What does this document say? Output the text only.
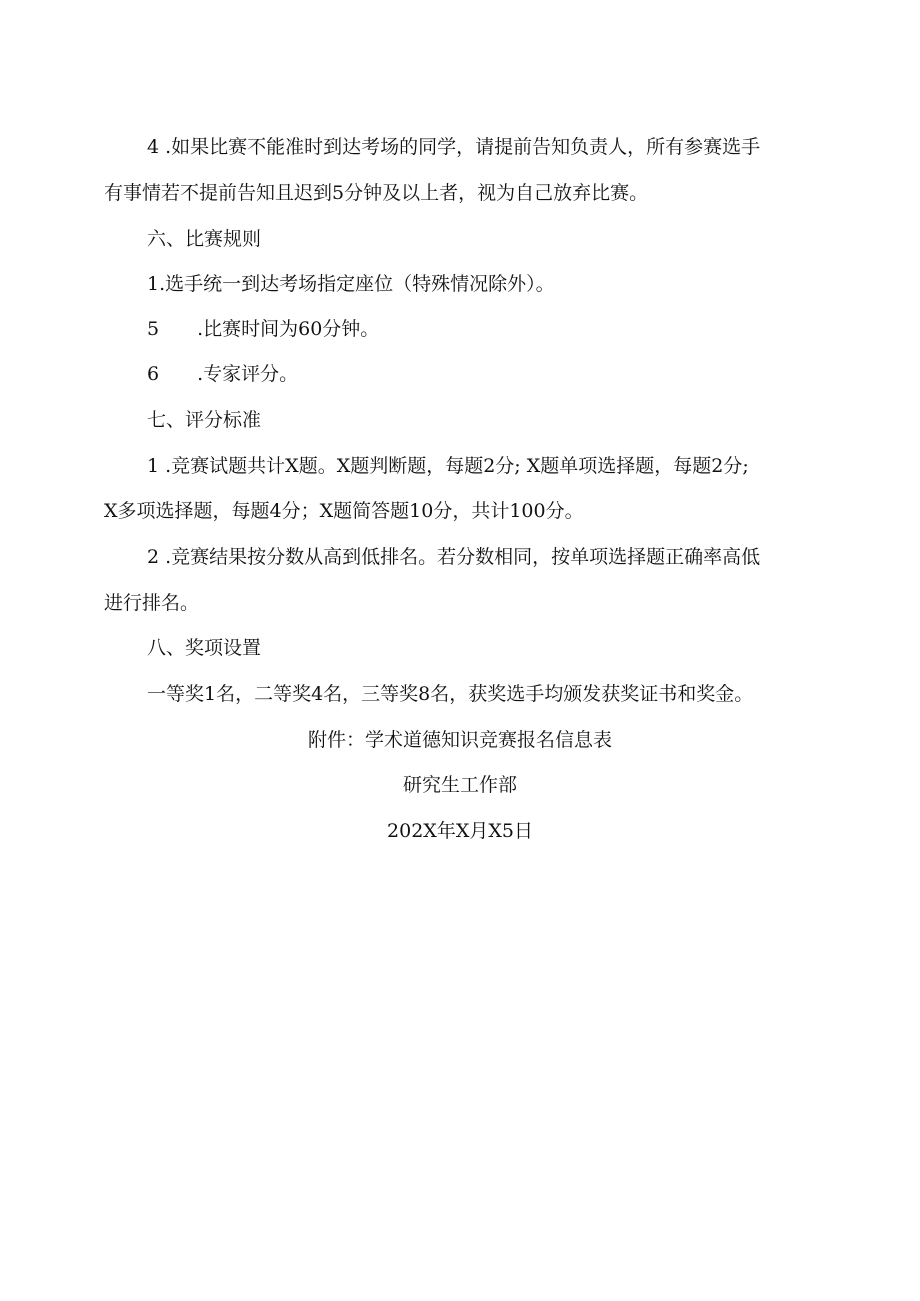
4 .如果比赛不能准时到达考场的同学，请提前告知负责人，所有参赛选手
有事情若不提前告知且迟到5分钟及以上者，视为自己放弃比赛。
六、比赛规则
1.选手统一到达考场指定座位（特殊情况除外）。
5 .比赛时间为60分钟。
6 .专家评分。
七、评分标准
1 .竞赛试题共计X题。X题判断题，每题2分; X题单项选择题，每题2分;
X多项选择题，每题4分；X题简答题10分，共计100分。
2 .竞赛结果按分数从高到低排名。若分数相同，按单项选择题正确率高低
进行排名。
八、奖项设置
一等奖1名，二等奖4名，三等奖8名，获奖选手均颁发获奖证书和奖金。
附件：学术道德知识竞赛报名信息表
研究生工作部
202X年X月X5日
